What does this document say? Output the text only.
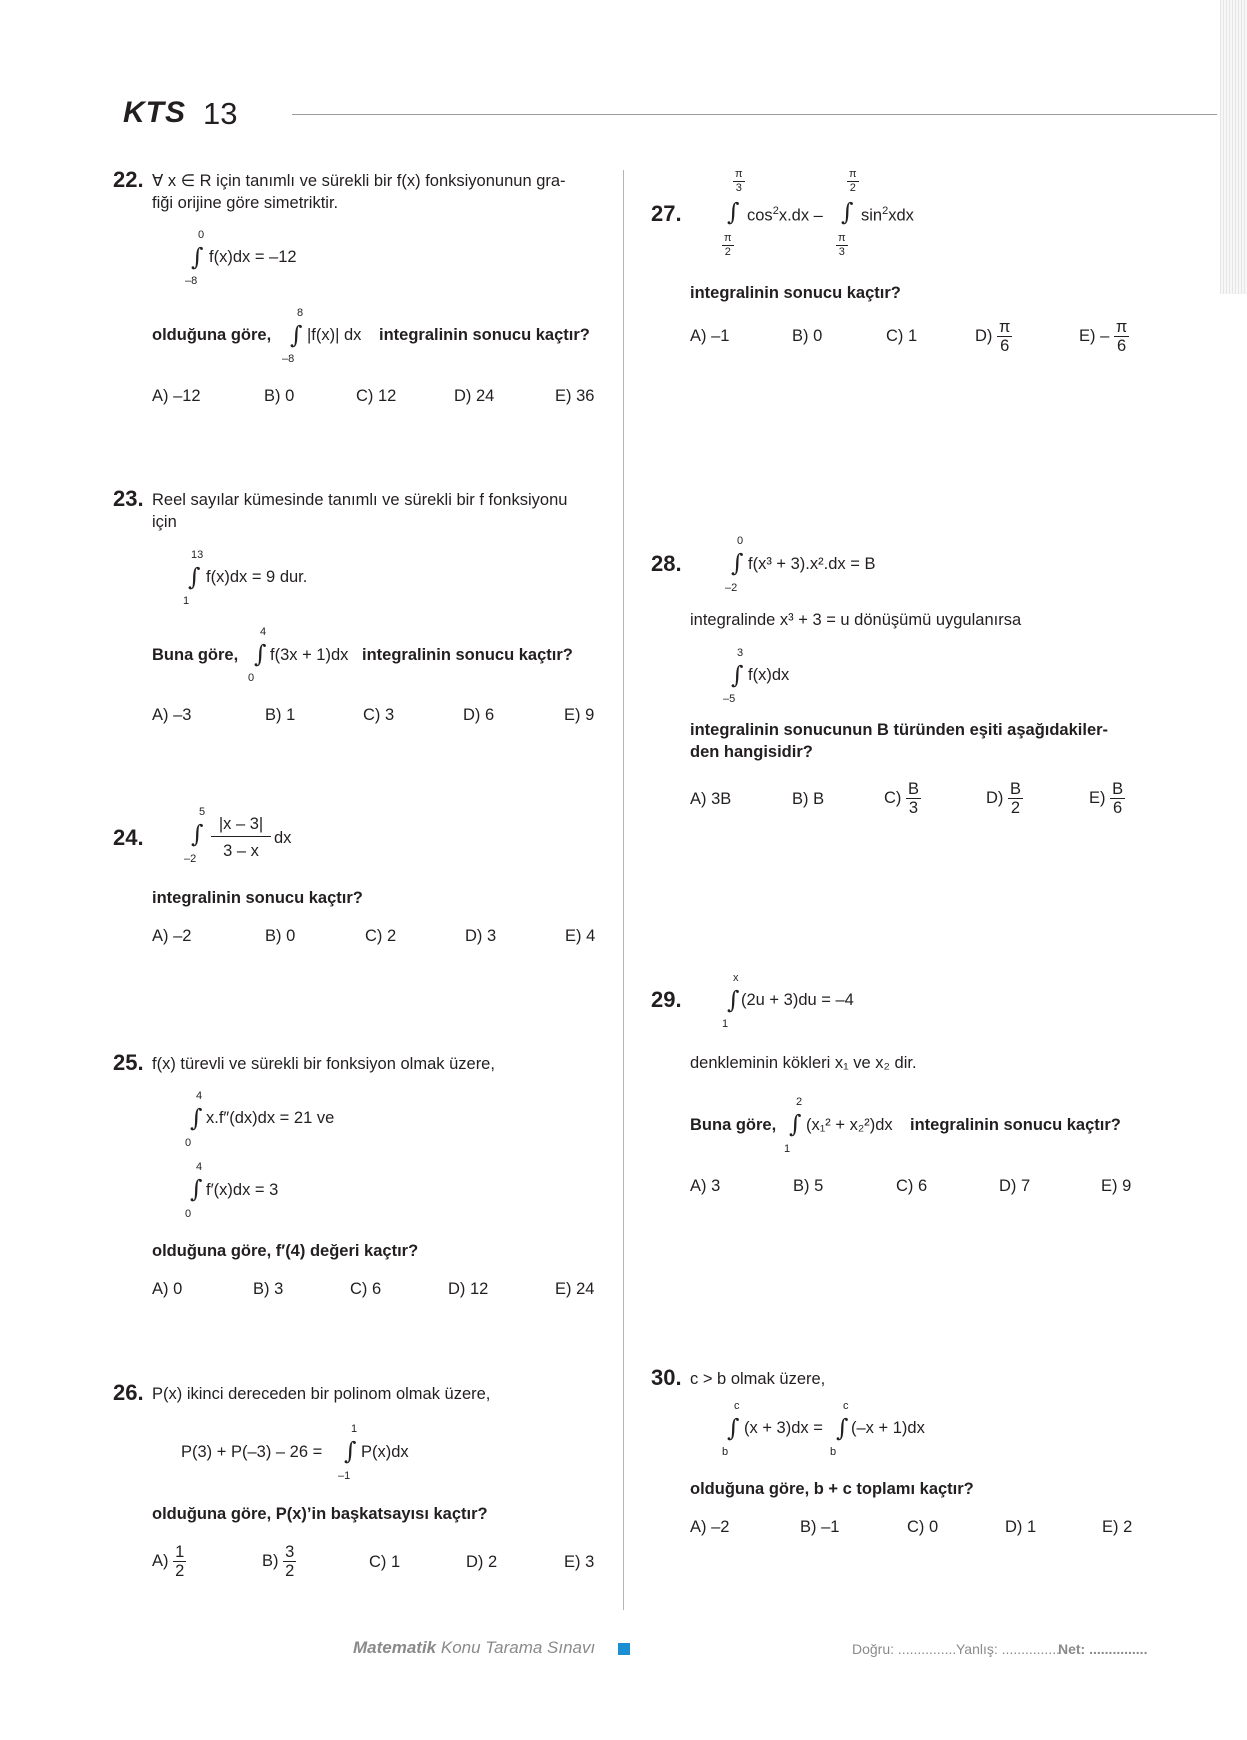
KTS 13
22. ∀ x ∈ R için tanımlı ve sürekli bir f(x) fonksiyonunun gra-
fiği orijine göre simetriktir.
0
∫
–8
f(x)dx = –12
olduğuna göre,
8
∫
–8
|f(x)| dx integralinin sonucu kaçtır?
A) –12	B) 0	C) 12	D) 24	E) 36
23. Reel sayılar kümesinde tanımlı ve sürekli bir f fonksiyonu
için
13
∫
1
f(x)dx = 9 dur.
Buna göre,
4
∫
0
f(3x + 1)dx integralinin sonucu kaçtır?
A) –3	B) 1	C) 3	D) 6	E) 9
24.
5
∫
–2
|x – 3|
3 – x
dx
integralinin sonucu kaçtır?
A) –2	B) 0	C) 2	D) 3	E) 4
25. f(x) türevli ve sürekli bir fonksiyon olmak üzere,
4
∫
0
x.f″(dx)dx = 21 ve
4
∫
0
f′(x)dx = 3
olduğuna göre, f′(4) değeri kaçtır?
A) 0	B) 3	C) 6	D) 12	E) 24
26. P(x) ikinci dereceden bir polinom olmak üzere,
P(3) + P(–3) – 26 =
1
∫
–1
P(x)dx
olduğuna göre, P(x)’in başkatsayısı kaçtır?
$A) \frac{1}{2}$	$B) \frac{3}{2}$	C) 1	D) 2	E) 3
27.
$\frac{\pi}{3}$
∫
$\frac{\pi}{2}$
$\cos^2x.dx$ –
$\frac{\pi}{2}$
∫
$\frac{\pi}{3}$
$\sin^2xdx$
integralinin sonucu kaçtır?
A) –1	B) 0	C) 1	$D) \frac{\pi}{6}$	$E) - \frac{\pi}{6}$
28.
0
∫
–2
f(x³ + 3).x².dx = B
integralinde x³ + 3 = u dönüşümü uygulanırsa
3
∫
–5
f(x)dx
integralinin sonucunun B türünden eşiti aşağıdakiler-
den hangisidir?
A) 3B	B) B	$C) \frac{B}{3}$	$D) \frac{B}{2}$	$E) \frac{B}{6}$
29.
x
∫
1
(2u + 3)du = –4
denkleminin kökleri x₁ ve x₂ dir.
Buna göre,
2
∫
1
(x₁² + x₂²)dx integralinin sonucu kaçtır?
A) 3	B) 5	C) 6	D) 7	E) 9
30. c > b olmak üzere,
c
∫
b
(x + 3)dx =
c
∫
b
(–x + 1)dx
olduğuna göre, b + c toplamı kaçtır?
A) –2	B) –1	C) 0	D) 1	E) 2
Matematik Konu Tarama Sınavı	Doğru: ............... Yanlış: ...............
Net: ...............
